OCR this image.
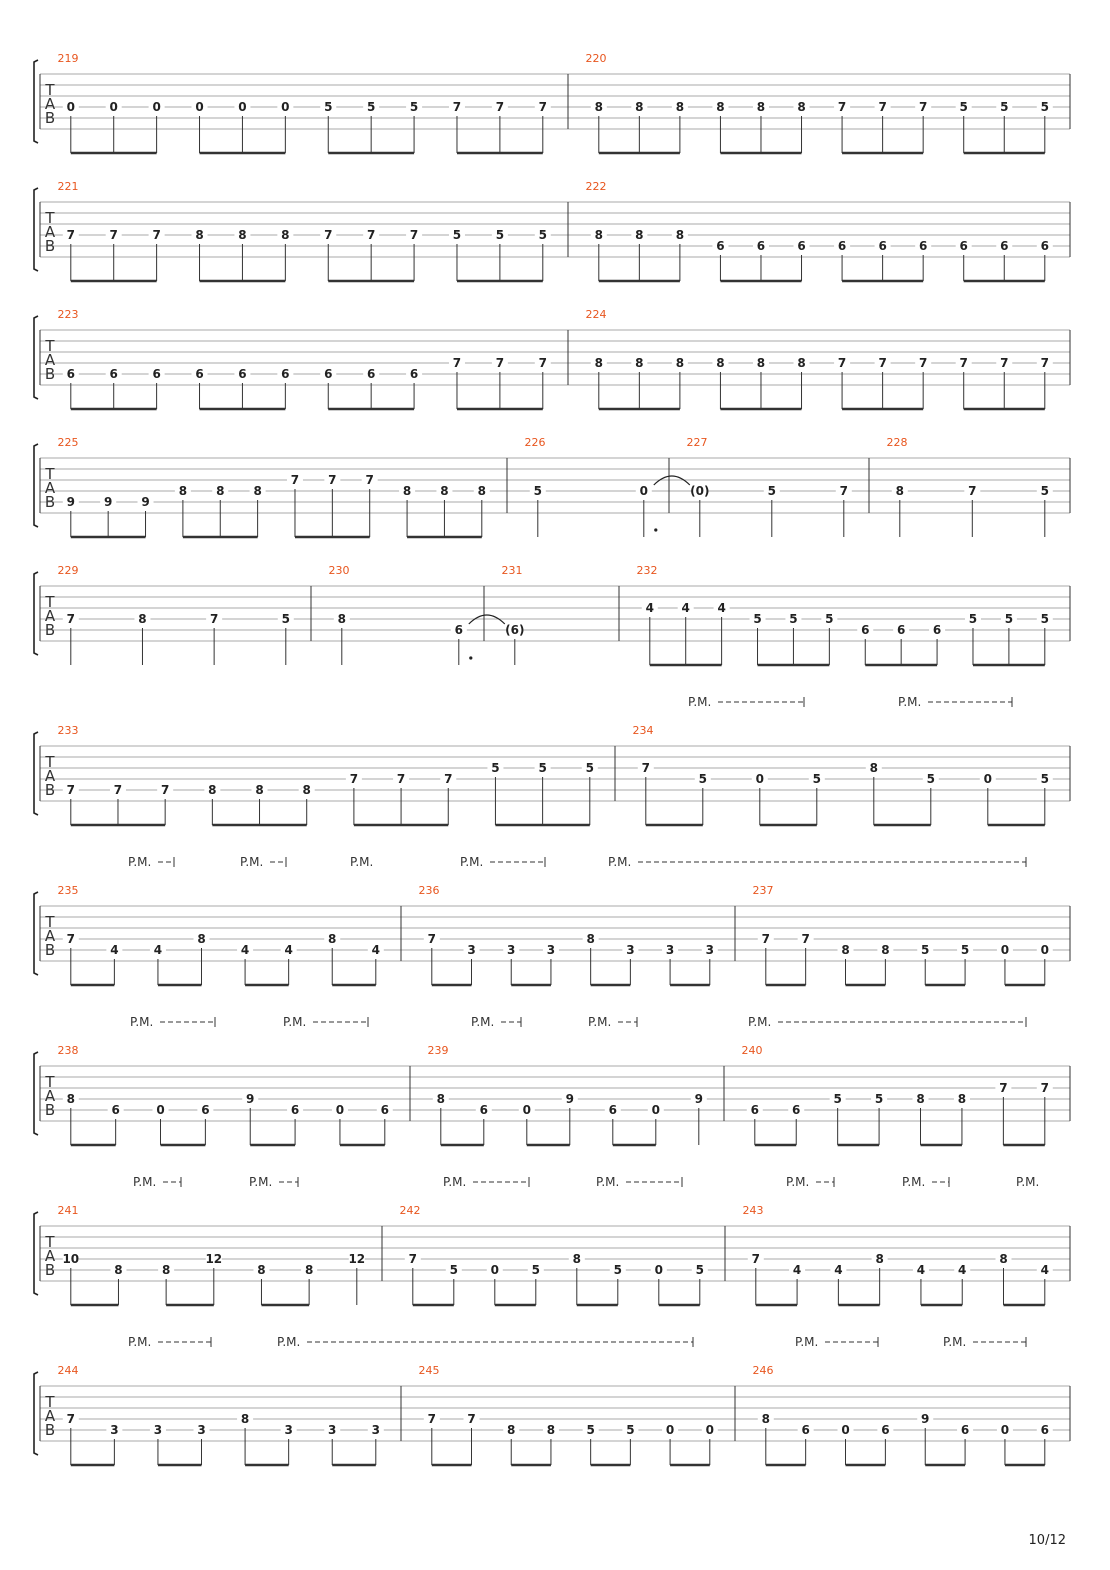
T
A
B
219
0	0	0	0	0	0	5	5	5	7	7	7
220
8	8	8	8	8	8	7	7	7	5	5	5
T
A
B
221
7	7	7	8	8	8	7	7	7	5	5	5
222
8	8	8
6	6	6	6	6	6	6	6	6
T
A
B
223
6	6	6	6	6	6	6	6	6
7	7	7
224
8	8	8	8	8	8	7	7	7	7	7	7
T
A
B
225
9 9 9
8 8 8
7 7 7
8 8 8
226
5	0
227
(0)	5	7
228
8	7	5
T
A
B
229
7	8	7	5
230
8
6
231
(6)
232
4 4 4
5 5 5
6 6 6
5 5 5
T
A
B
P.M.	P.M.
233
7	7	7	8	8	8
7	7	7
5	5	5
234
7
5	0	5
8
5	0	5
T
A
B
P.M.	P.M.	P.M.	P.M.	P.M.
235
7
4	4
8
4	4
8
4
236
7
3	3	3
8
3	3	3
237
7	7
8	8	5	5	0	0
T
A
B
P.M.	P.M.	P.M.	P.M.	P.M.
238
8
6	0	6
9
6	0	6
239
8
6	0
9
6	0
9
240
6	6
5	5	8	8
7	7
T
A
B
P.M.	P.M.	P.M.	P.M.	P.M.	P.M.	P.M.
241
10
8	8
12
8	8
12
242
7
5	0	5
8
5	0	5
243
7
4	4
8
4	4
8
4
T
A
B
P.M.	P.M.	P.M.	P.M.
244
7
3	3	3
8
3	3	3
245
7	7
8	8	5	5	0	0
246
8
6	0	6
9
6	0	6
10/12
